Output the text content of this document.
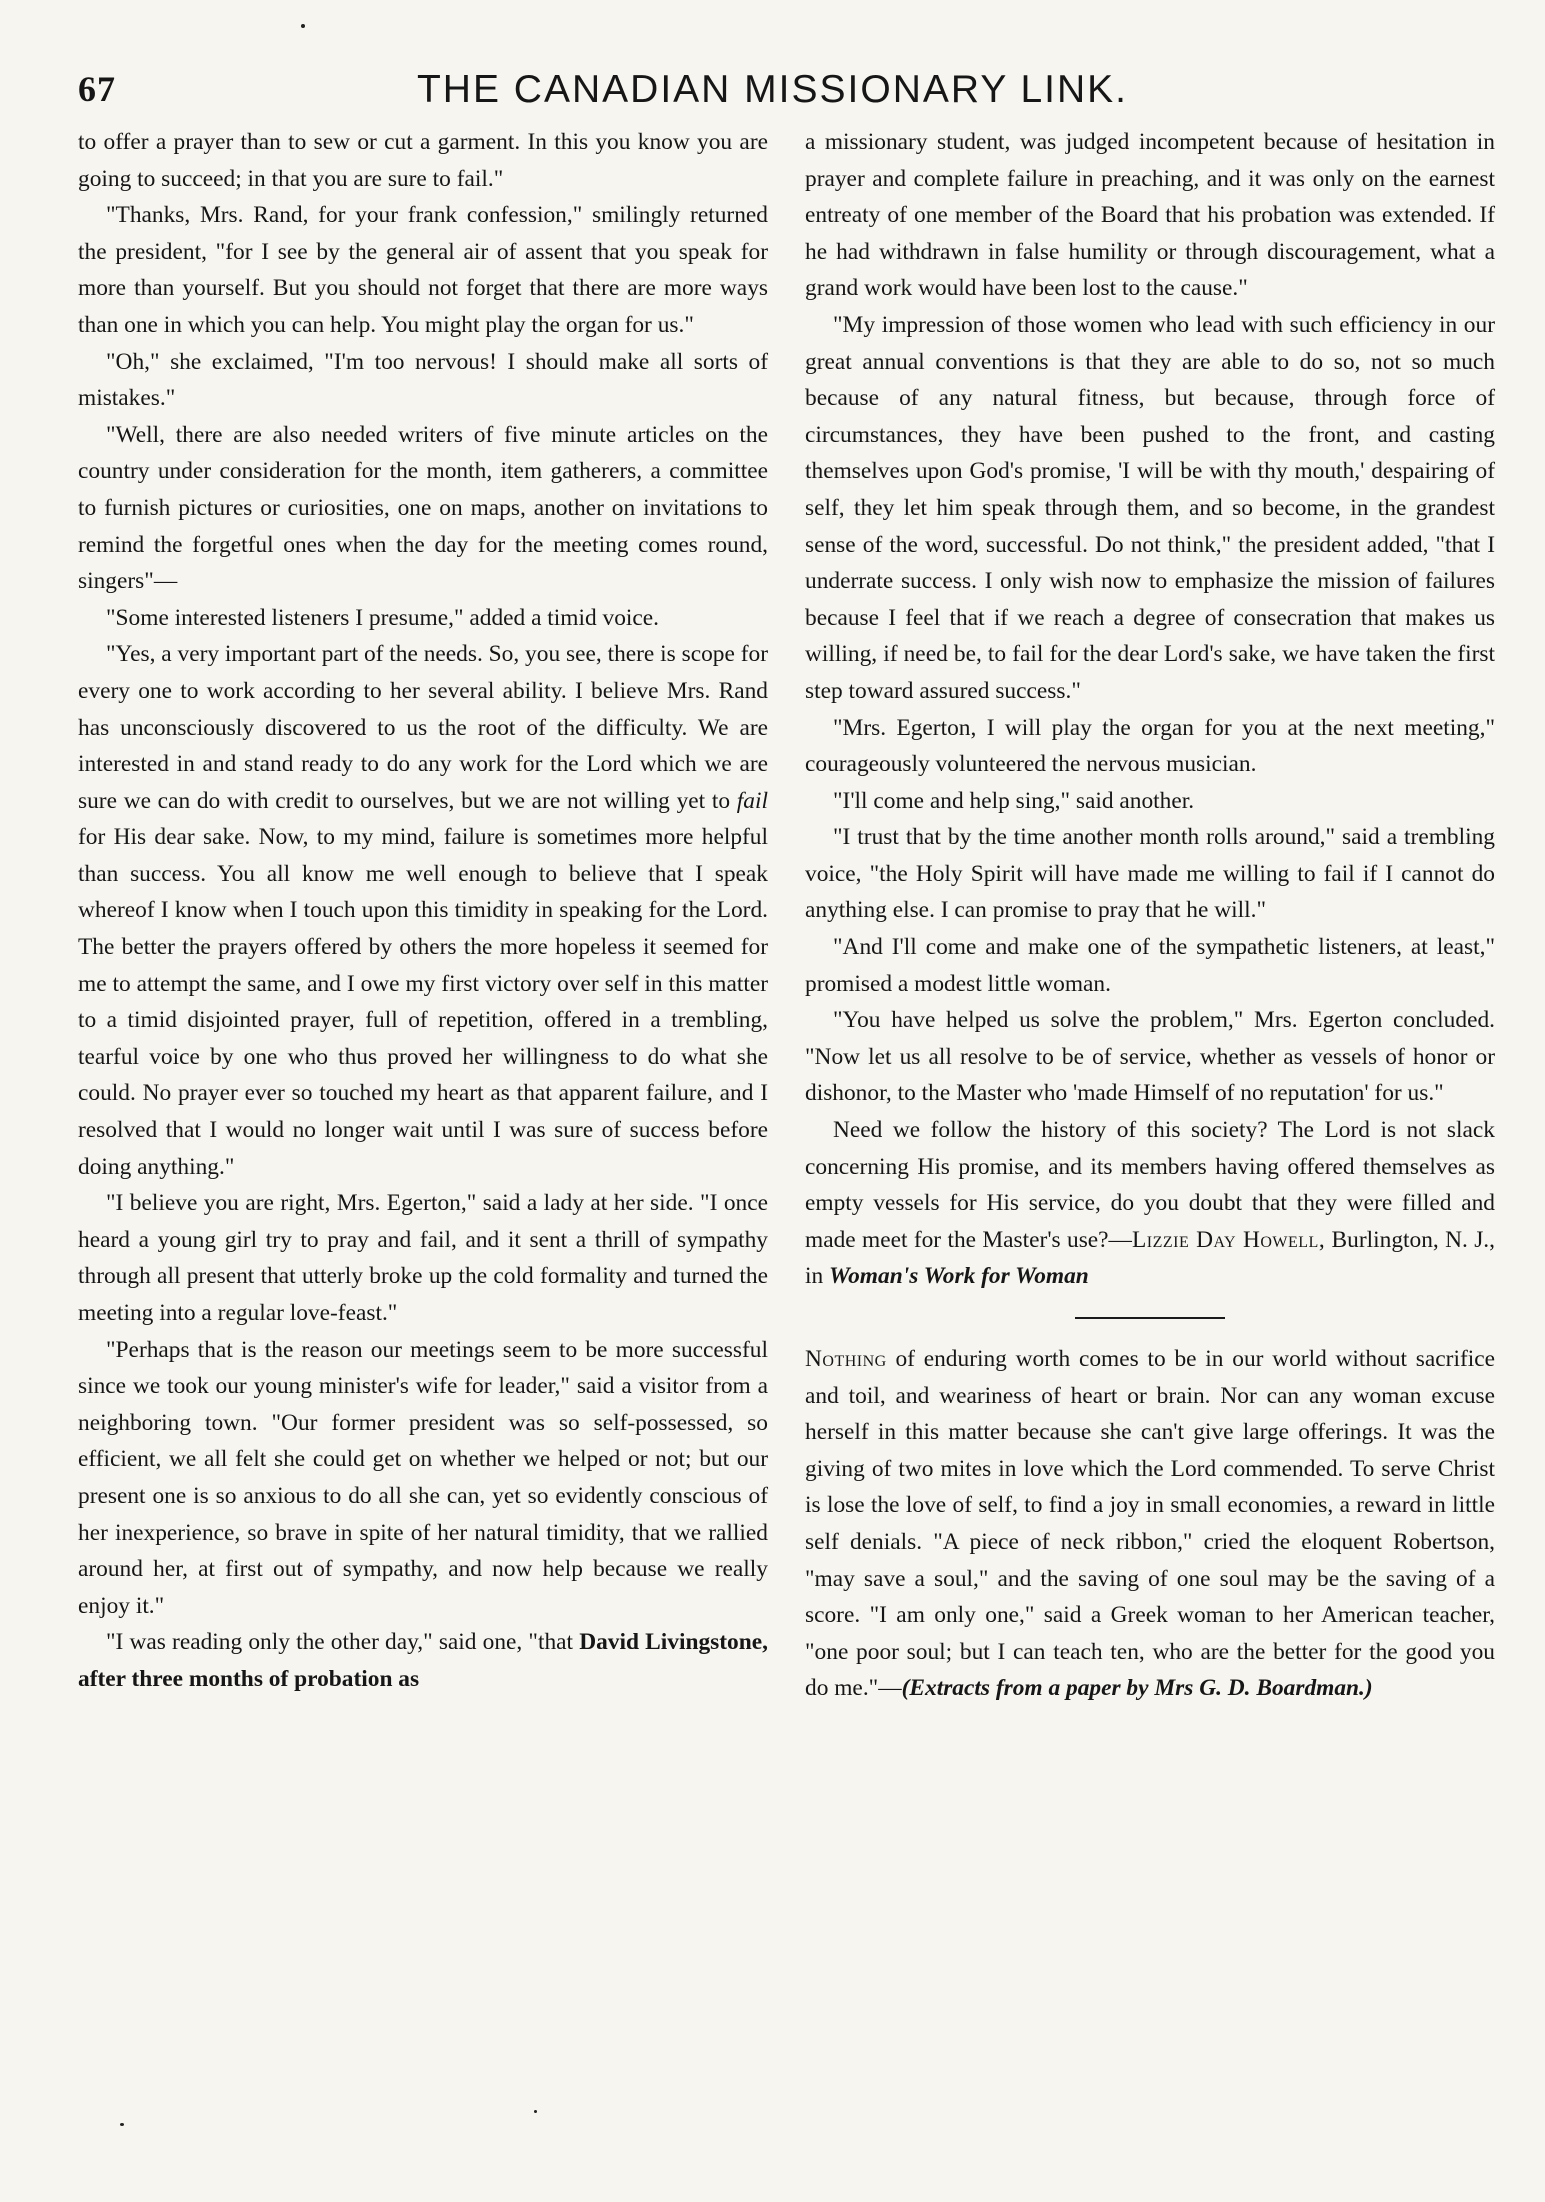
67	THE CANADIAN MISSIONARY LINK.

to offer a prayer than to sew or cut a garment. In this you know you are going to succeed; in that you are sure to fail."

"Thanks, Mrs. Rand, for your frank confession," smilingly returned the president, "for I see by the general air of assent that you speak for more than yourself. But you should not forget that there are more ways than one in which you can help. You might play the organ for us."

"Oh," she exclaimed, "I'm too nervous! I should make all sorts of mistakes."

"Well, there are also needed writers of five minute articles on the country under consideration for the month, item gatherers, a committee to furnish pictures or curiosities, one on maps, another on invitations to remind the forgetful ones when the day for the meeting comes round, singers"—

"Some interested listeners I presume," added a timid voice.

"Yes, a very important part of the needs. So, you see, there is scope for every one to work according to her several ability. I believe Mrs. Rand has unconsciously discovered to us the root of the difficulty. We are interested in and stand ready to do any work for the Lord which we are sure we can do with credit to ourselves, but we are not willing yet to fail for His dear sake. Now, to my mind, failure is sometimes more helpful than success. You all know me well enough to believe that I speak whereof I know when I touch upon this timidity in speaking for the Lord. The better the prayers offered by others the more hopeless it seemed for me to attempt the same, and I owe my first victory over self in this matter to a timid disjointed prayer, full of repetition, offered in a trembling, tearful voice by one who thus proved her willingness to do what she could. No prayer ever so touched my heart as that apparent failure, and I resolved that I would no longer wait until I was sure of success before doing anything."

"I believe you are right, Mrs. Egerton," said a lady at her side. "I once heard a young girl try to pray and fail, and it sent a thrill of sympathy through all present that utterly broke up the cold formality and turned the meeting into a regular love-feast."

"Perhaps that is the reason our meetings seem to be more successful since we took our young minister's wife for leader," said a visitor from a neighboring town. "Our former president was so self-possessed, so efficient, we all felt she could get on whether we helped or not; but our present one is so anxious to do all she can, yet so evidently conscious of her inexperience, so brave in spite of her natural timidity, that we rallied around her, at first out of sympathy, and now help because we really enjoy it."

"I was reading only the other day," said one, "that David Livingstone, after three months of probation as

a missionary student, was judged incompetent because of hesitation in prayer and complete failure in preaching, and it was only on the earnest entreaty of one member of the Board that his probation was extended. If he had withdrawn in false humility or through discouragement, what a grand work would have been lost to the cause."

"My impression of those women who lead with such efficiency in our great annual conventions is that they are able to do so, not so much because of any natural fitness, but because, through force of circumstances, they have been pushed to the front, and casting themselves upon God's promise, 'I will be with thy mouth,' despairing of self, they let him speak through them, and so become, in the grandest sense of the word, successful. Do not think," the president added, "that I underrate success. I only wish now to emphasize the mission of failures because I feel that if we reach a degree of consecration that makes us willing, if need be, to fail for the dear Lord's sake, we have taken the first step toward assured success."

"Mrs. Egerton, I will play the organ for you at the next meeting," courageously volunteered the nervous musician.

"I'll come and help sing," said another.

"I trust that by the time another month rolls around," said a trembling voice, "the Holy Spirit will have made me willing to fail if I cannot do anything else. I can promise to pray that he will."

"And I'll come and make one of the sympathetic listeners, at least," promised a modest little woman.

"You have helped us solve the problem," Mrs. Egerton concluded. "Now let us all resolve to be of service, whether as vessels of honor or dishonor, to the Master who 'made Himself of no reputation' for us."

Need we follow the history of this society? The Lord is not slack concerning His promise, and its members having offered themselves as empty vessels for His service, do you doubt that they were filled and made meet for the Master's use?—Lizzie Day Howell, Burlington, N. J., in Woman's Work for Woman

Nothing of enduring worth comes to be in our world without sacrifice and toil, and weariness of heart or brain. Nor can any woman excuse herself in this matter because she can't give large offerings. It was the giving of two mites in love which the Lord commended. To serve Christ is lose the love of self, to find a joy in small economies, a reward in little self denials. "A piece of neck ribbon," cried the eloquent Robertson, "may save a soul," and the saving of one soul may be the saving of a score. "I am only one," said a Greek woman to her American teacher, "one poor soul; but I can teach ten, who are the better for the good you do me."—(Extracts from a paper by Mrs G. D. Boardman.)
